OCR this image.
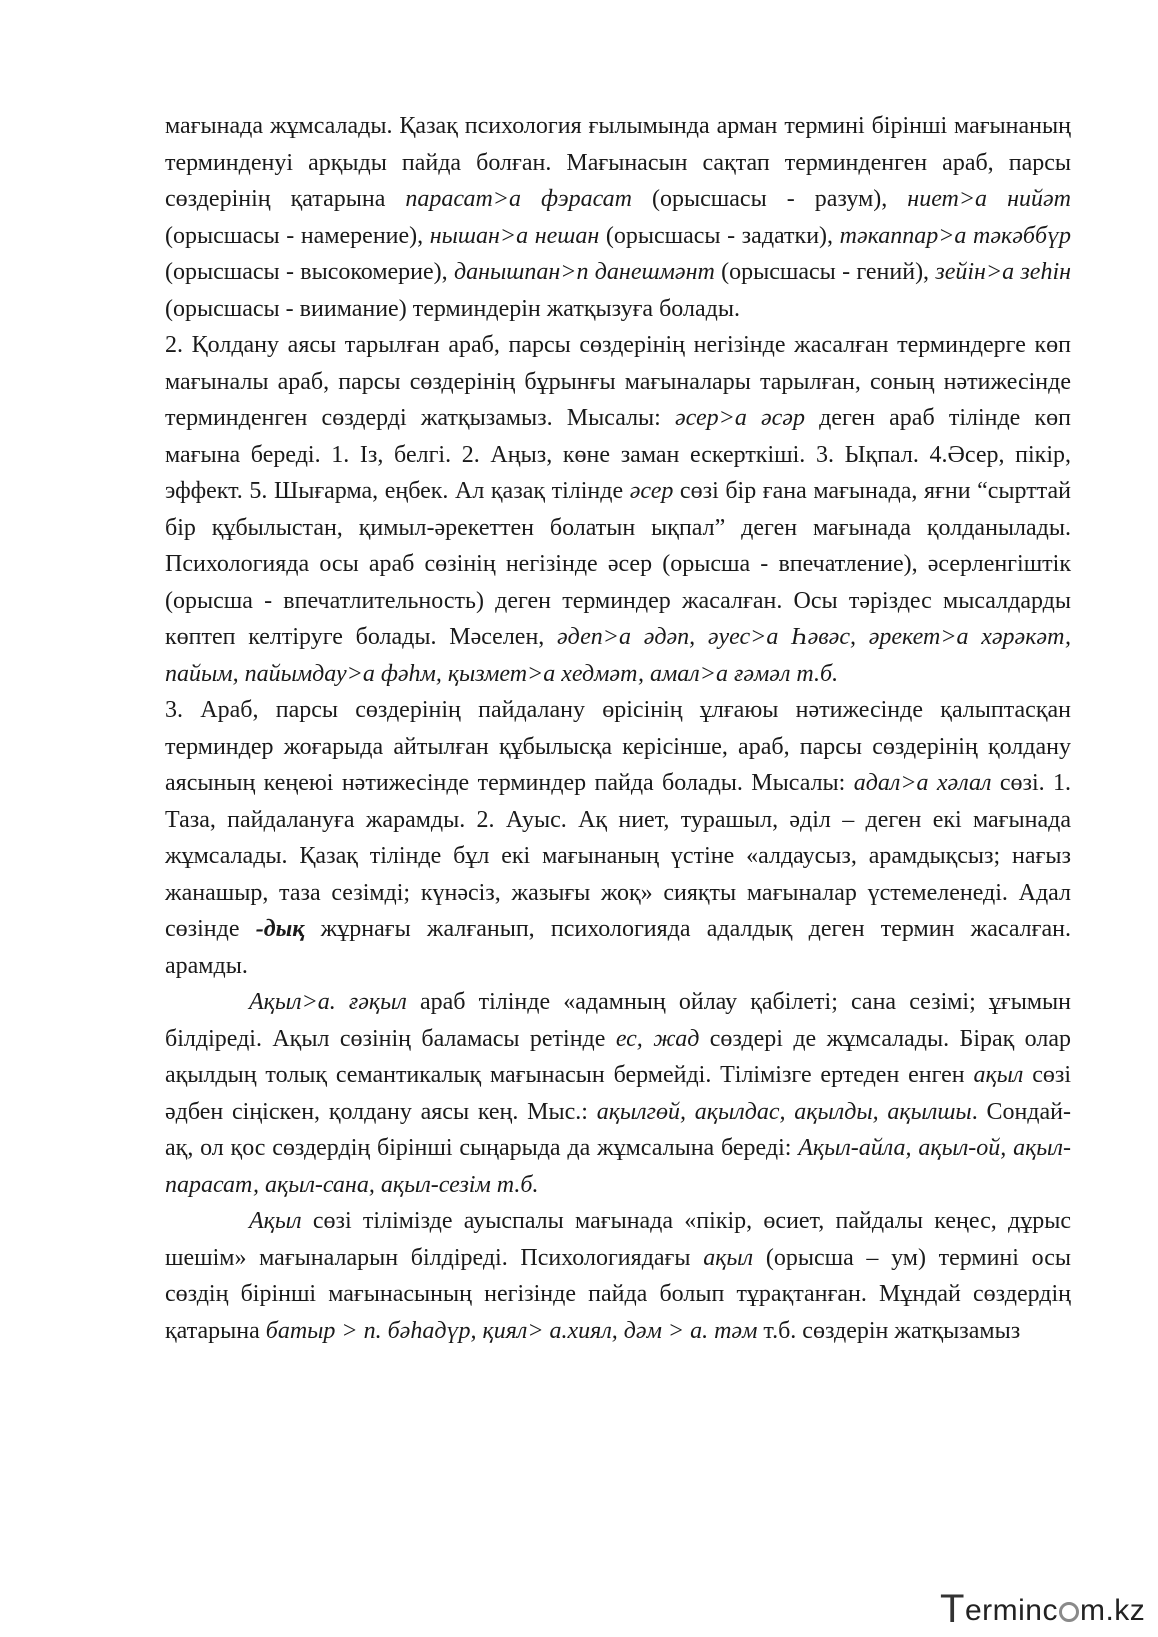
мағынада жұмсалады. Қазақ психология ғылымында арман термині бірінші мағынаның терминденуі арқыды пайда болған. Мағынасын сақтап терминденген араб, парсы сөздерінің қатарына парасат>а фэрасат (орысшасы - разум), ниет>а нийәт (орысшасы - намерение), нышан>а нешан (орысшасы - задатки), тәкаппар>а тәкәббүр (орысшасы - высокомерие), данышпан>п данешмәнт (орысшасы - гений), зейін>а зеһін (орысшасы - виимание) терминдерін жатқызуға болады.

2. Қолдану аясы тарылған араб, парсы сөздерінің негізінде жасалған терминдерге көп мағыналы араб, парсы сөздерінің бұрынғы мағыналары тарылған, соның нәтижесінде терминденген сөздерді жатқызамыз. Мысалы: әсер>а әсәр деген араб тілінде көп мағына береді. 1. Із, белгі. 2. Аңыз, көне заман ескерткіші. 3. Ықпал. 4.Әсер, пікір, эффект. 5. Шығарма, еңбек. Ал қазақ тілінде әсер сөзі бір ғана мағынада, яғни “сырттай бір құбылыстан, қимыл-әрекеттен болатын ықпал” деген мағынада қолданылады. Психологияда осы араб сөзінің негізінде әсер (орысша - впечатление), әсерленгіштік (орысша - впечатлительность) деген терминдер жасалған. Осы тәріздес мысалдарды көптеп келтіруге болады. Мәселен, әдеп>а әдәп, әуес>а Һәвәс, әрекет>а хәрәкәт, пайым, пайымдау>а фәһм, қызмет>а хедмәт, амал>а ғәмәл т.б.

3. Араб, парсы сөздерінің пайдалану өрісінің ұлғаюы нәтижесінде қалыптасқан терминдер жоғарыда айтылған құбылысқа керісінше, араб, парсы сөздерінің қолдану аясының кеңеюі нәтижесінде терминдер пайда болады. Мысалы: адал>а хәлал сөзі. 1. Таза, пайдалануға жарамды. 2. Ауыс. Ақ ниет, турашыл, әділ – деген екі мағынада жұмсалады. Қазақ тілінде бұл екі мағынаның үстіне «алдаусыз, арамдықсыз; нағыз жанашыр, таза сезімді; күнәсіз, жазығы жоқ» сияқты мағыналар үстемеленеді. Адал сөзінде -дық жұрнағы жалғанып, психологияда адалдық деген термин жасалған. арамды.

Ақыл>а. ғәқыл араб тілінде «адамның ойлау қабілеті; сана сезімі; ұғымын білдіреді. Ақыл сөзінің баламасы ретінде ес, жад сөздері де жұмсалады. Бірақ олар ақылдың толық семантикалық мағынасын бермейді. Тілімізге ертеден енген ақыл сөзі әдбен сіңіскен, қолдану аясы кең. Мыс.: ақылгөй, ақылдас, ақылды, ақылшы. Сондай-ақ, ол қос сөздердің бірінші сыңарыда да жұмсалына береді: Ақыл-айла, ақыл-ой, ақыл-парасат, ақыл-сана, ақыл-сезім т.б.

Ақыл сөзі тілімізде ауыспалы мағынада «пікір, өсиет, пайдалы кеңес, дұрыс шешім» мағыналарын білдіреді. Психологиядағы ақыл (орысша – ум) термині осы сөздің бірінші мағынасының негізінде пайда болып тұрақтанған. Мұндай сөздердің қатарына батыр > п. бәһадүр, қиял> а.хиял, дәм > а. тәм т.б. сөздерін жатқызамыз

Terminc m.kz
